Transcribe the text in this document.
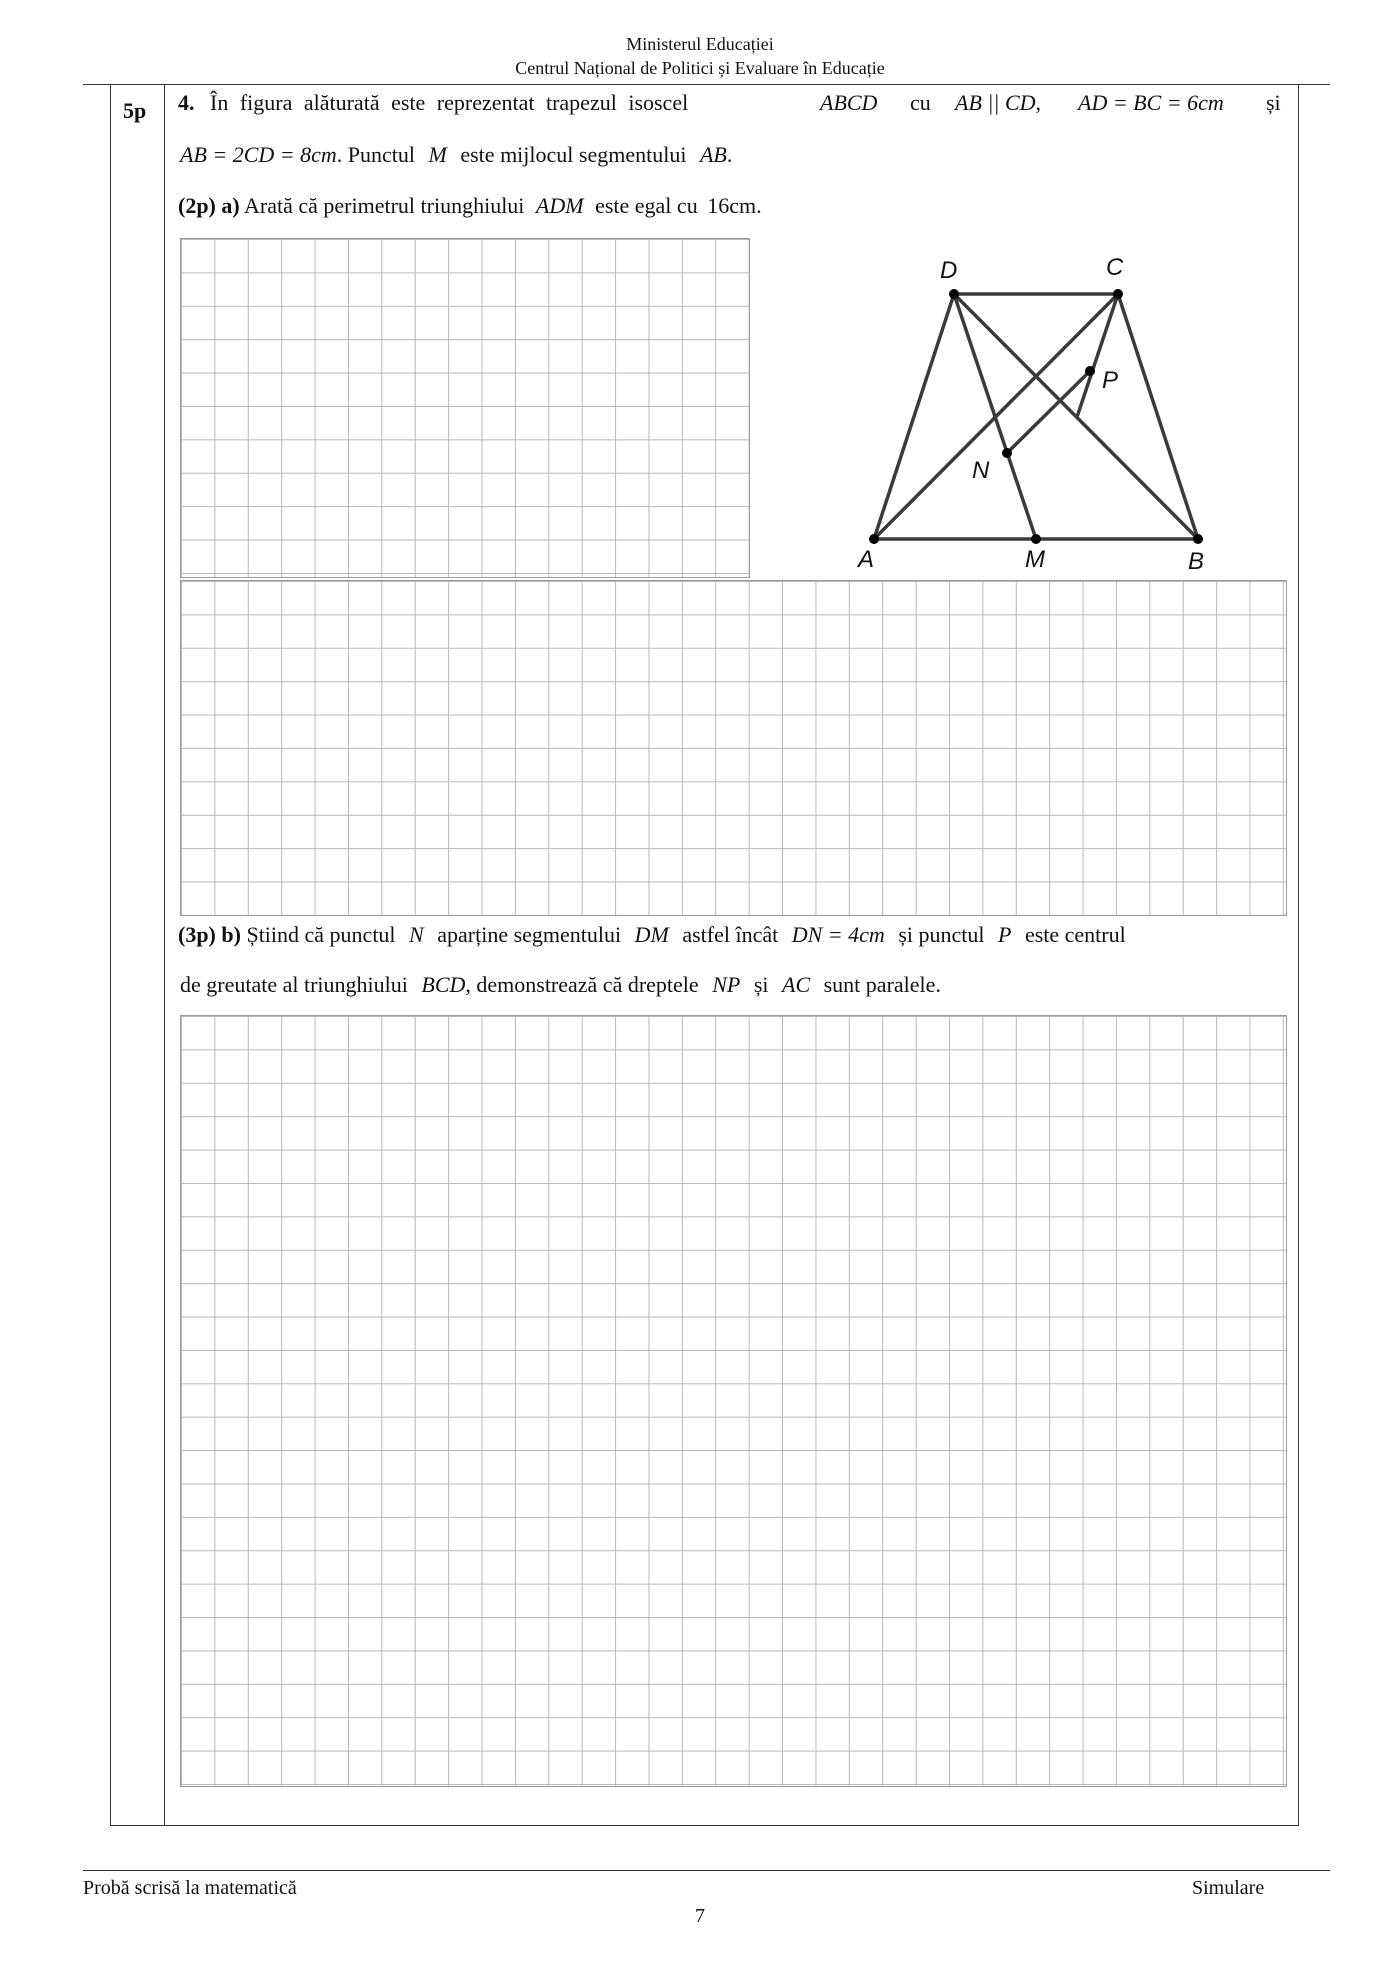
Ministerul Educației
Centrul Național de Politici și Evaluare în Educație
5p 4. În figura alăturată este reprezentat trapezul isoscel	ABCD cu AB || CD, AD = BC = 6cm și
AB = 2CD = 8cm. Punctul M este mijlocul segmentului AB.
(2p) a) Arată că perimetrul triunghiului ADM este egal cu 16cm.
D	C
P
N
A	M	B
(3p) b) Știind că punctul N aparține segmentului DM astfel încât DN = 4cm și punctul P este centrul
de greutate al triunghiului BCD, demonstrează că dreptele NP și AC sunt paralele.
Probă scrisă la matematică	Simulare
7
